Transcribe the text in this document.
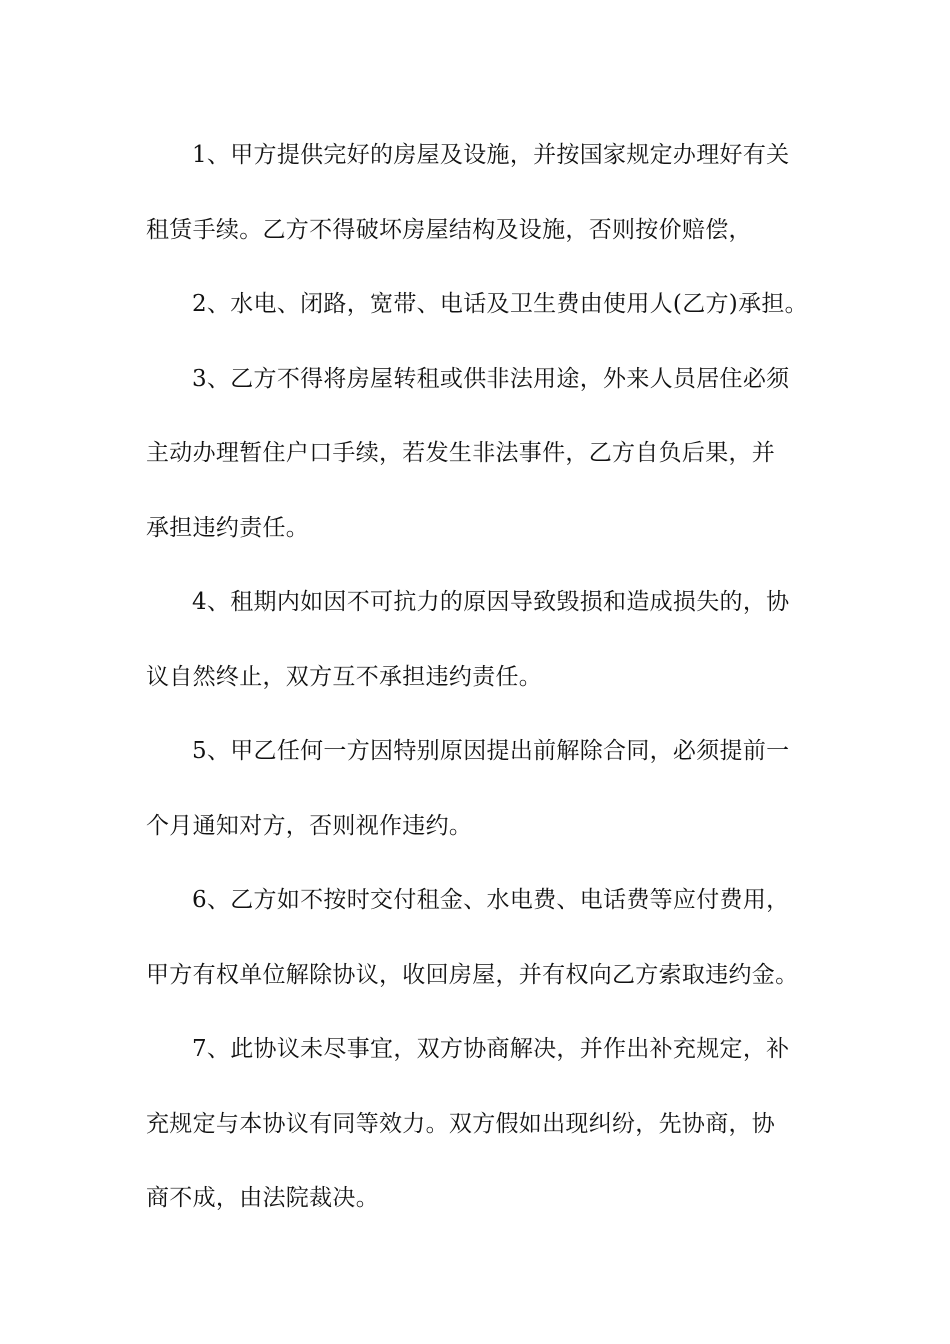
1、甲方提供完好的房屋及设施，并按国家规定办理好有关
租赁手续。乙方不得破坏房屋结构及设施，否则按价赔偿，
2、水电、闭路，宽带、电话及卫生费由使用人(乙方)承担。
3、乙方不得将房屋转租或供非法用途，外来人员居住必须
主动办理暂住户口手续，若发生非法事件，乙方自负后果，并
承担违约责任。
4、租期内如因不可抗力的原因导致毁损和造成损失的，协
议自然终止，双方互不承担违约责任。
5、甲乙任何一方因特别原因提出前解除合同，必须提前一
个月通知对方，否则视作违约。
6、乙方如不按时交付租金、水电费、电话费等应付费用，
甲方有权单位解除协议，收回房屋，并有权向乙方索取违约金。
7、此协议未尽事宜，双方协商解决，并作出补充规定，补
充规定与本协议有同等效力。双方假如出现纠纷，先协商，协
商不成，由法院裁决。
